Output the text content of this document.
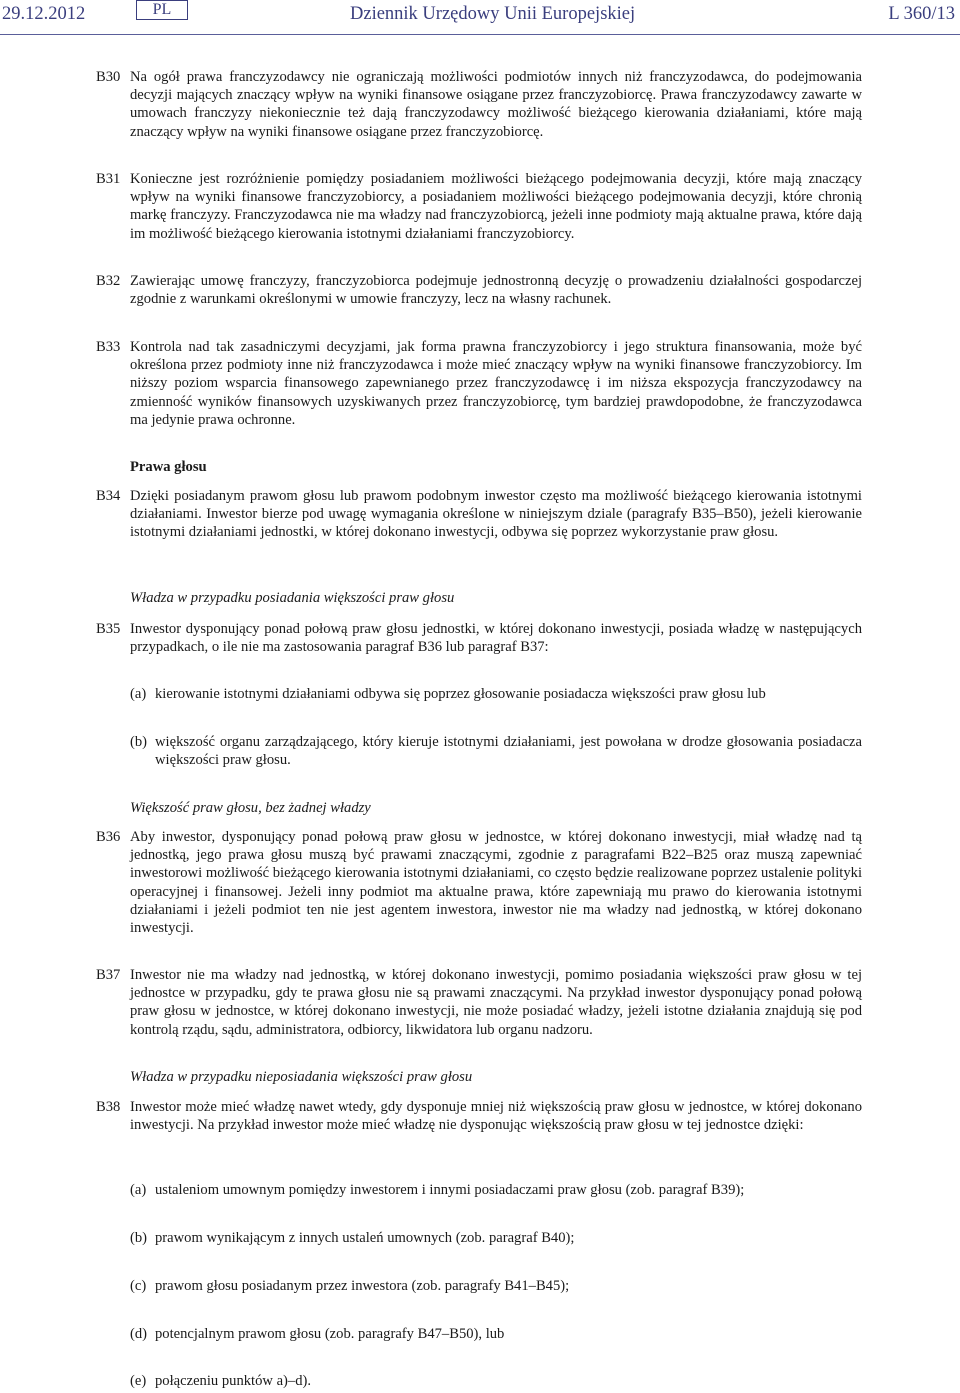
29.12.2012	PL	Dziennik Urzędowy Unii Europejskiej	L 360/13
B30 Na ogół prawa franczyzodawcy nie ograniczają możliwości podmiotów innych niż franczyzodawca, do podejmowania decyzji mających znaczący wpływ na wyniki finansowe osiągane przez franczyzobiorcę. Prawa franczyzodawcy zawarte w umowach franczyzy niekoniecznie też dają franczyzodawcy możliwość bieżącego kierowania działaniami, które mają znaczący wpływ na wyniki finansowe osiągane przez franczyzobiorcę.
B31 Konieczne jest rozróżnienie pomiędzy posiadaniem możliwości bieżącego podejmowania decyzji, które mają znaczący wpływ na wyniki finansowe franczyzobiorcy, a posiadaniem możliwości bieżącego podejmowania decyzji, które chronią markę franczyzy. Franczyzodawca nie ma władzy nad franczyzobiorcą, jeżeli inne podmioty mają aktualne prawa, które dają im możliwość bieżącego kierowania istotnymi działaniami franczyzobiorcy.
B32 Zawierając umowę franczyzy, franczyzobiorca podejmuje jednostronną decyzję o prowadzeniu działalności gospodarczej zgodnie z warunkami określonymi w umowie franczyzy, lecz na własny rachunek.
B33 Kontrola nad tak zasadniczymi decyzjami, jak forma prawna franczyzobiorcy i jego struktura finansowania, może być określona przez podmioty inne niż franczyzodawca i może mieć znaczący wpływ na wyniki finansowe franczyzobiorcy. Im niższy poziom wsparcia finansowego zapewnianego przez franczyzodawcę i im niższa ekspozycja franczyzodawcy na zmienność wyników finansowych uzyskiwanych przez franczyzobiorcę, tym bardziej prawdopodobne, że franczyzodawca ma jedynie prawa ochronne.
Prawa głosu
B34 Dzięki posiadanym prawom głosu lub prawom podobnym inwestor często ma możliwość bieżącego kierowania istotnymi działaniami. Inwestor bierze pod uwagę wymagania określone w niniejszym dziale (paragrafy B35–B50), jeżeli kierowanie istotnymi działaniami jednostki, w której dokonano inwestycji, odbywa się poprzez wykorzystanie praw głosu.
Władza w przypadku posiadania większości praw głosu
B35 Inwestor dysponujący ponad połową praw głosu jednostki, w której dokonano inwestycji, posiada władzę w następujących przypadkach, o ile nie ma zastosowania paragraf B36 lub paragraf B37:
(a) kierowanie istotnymi działaniami odbywa się poprzez głosowanie posiadacza większości praw głosu lub
(b) większość organu zarządzającego, który kieruje istotnymi działaniami, jest powołana w drodze głosowania posiadacza większości praw głosu.
Większość praw głosu, bez żadnej władzy
B36 Aby inwestor, dysponujący ponad połową praw głosu w jednostce, w której dokonano inwestycji, miał władzę nad tą jednostką, jego prawa głosu muszą być prawami znaczącymi, zgodnie z paragrafami B22–B25 oraz muszą zapewniać inwestorowi możliwość bieżącego kierowania istotnymi działaniami, co często będzie realizowane poprzez ustalenie polityki operacyjnej i finansowej. Jeżeli inny podmiot ma aktualne prawa, które zapewniają mu prawo do kierowania istotnymi działaniami i jeżeli podmiot ten nie jest agentem inwestora, inwestor nie ma władzy nad jednostką, w której dokonano inwestycji.
B37 Inwestor nie ma władzy nad jednostką, w której dokonano inwestycji, pomimo posiadania większości praw głosu w tej jednostce w przypadku, gdy te prawa głosu nie są prawami znaczącymi. Na przykład inwestor dysponujący ponad połową praw głosu w jednostce, w której dokonano inwestycji, nie może posiadać władzy, jeżeli istotne działania znajdują się pod kontrolą rządu, sądu, administratora, odbiorcy, likwidatora lub organu nadzoru.
Władza w przypadku nieposiadania większości praw głosu
B38 Inwestor może mieć władzę nawet wtedy, gdy dysponuje mniej niż większością praw głosu w jednostce, w której dokonano inwestycji. Na przykład inwestor może mieć władzę nie dysponując większością praw głosu w tej jednostce dzięki:
(a) ustaleniom umownym pomiędzy inwestorem i innymi posiadaczami praw głosu (zob. paragraf B39);
(b) prawom wynikającym z innych ustaleń umownych (zob. paragraf B40);
(c) prawom głosu posiadanym przez inwestora (zob. paragrafy B41–B45);
(d) potencjalnym prawom głosu (zob. paragrafy B47–B50), lub
(e) połączeniu punktów a)–d).
